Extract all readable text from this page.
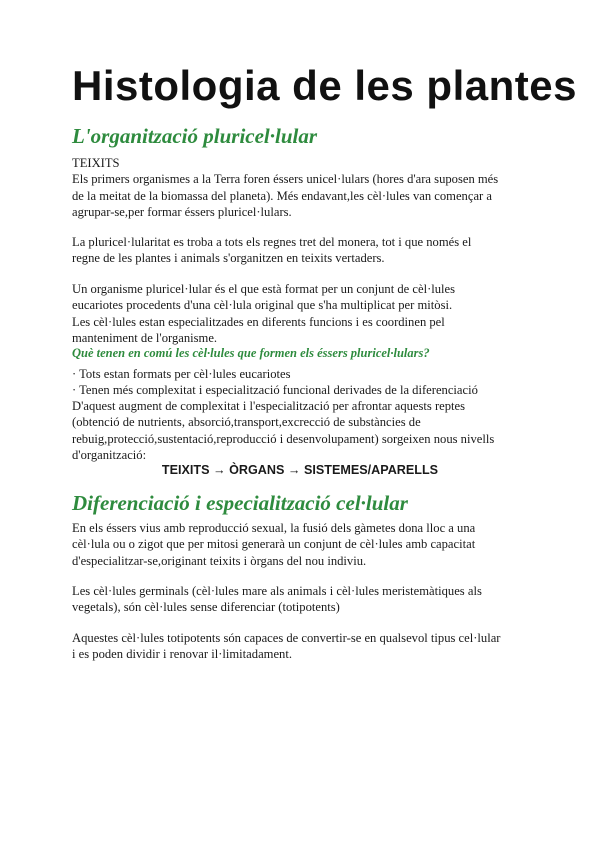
Histologia de les plantes
L'organització pluricel·lular

TEIXITS

Els primers organismes a la Terra foren éssers unicel·lulars (hores d'ara suposen més

de la meitat de la biomassa del planeta). Més endavant,les cèl·lules van començar a

agrupar-se,per formar éssers pluricel·lulars.

La pluricel·lularitat es troba a tots els regnes tret del monera, tot i que només el

regne de les plantes i animals s'organitzen en teixits vertaders.

Un organisme pluricel·lular és el que està format per un conjunt de cèl·lules

eucariotes procedents d'una cèl·lula original que s'ha multiplicat per mitòsi.

Les cèl·lules estan especialitzades en diferents funcions i es coordinen pel

manteniment de l'organisme.

Què tenen en comú les cèl·lules que formen els éssers pluricel·lulars?

· Tots estan formats per cèl·lules eucariotes

· Tenen més complexitat i especialització funcional derivades de la diferenciació

D'aquest augment de complexitat i l'especialització per afrontar aquests reptes

(obtenció de nutrients, absorció,transport,excrecció de substàncies de

rebuig,protecció,sustentació,reproducció i desenvolupament) sorgeixen nous nivells

d'organització:

TEIXITS → ÒRGANS → SISTEMES/APARELLS

Diferenciació i especialització cel·lular

En els éssers vius amb reproducció sexual, la fusió dels gàmetes dona lloc a una

cèl·lula ou o zigot que per mitosi generarà un conjunt de cèl·lules amb capacitat

d'especialitzar-se,originant teixits i òrgans del nou indiviu.

Les cèl·lules germinals (cèl·lules mare als animals i cèl·lules meristemàtiques als

vegetals), són cèl·lules sense diferenciar (totipotents)

Aquestes cèl·lules totipotents són capaces de convertir-se en qualsevol tipus cel·lular

i es poden dividir i renovar il·limitadament.
